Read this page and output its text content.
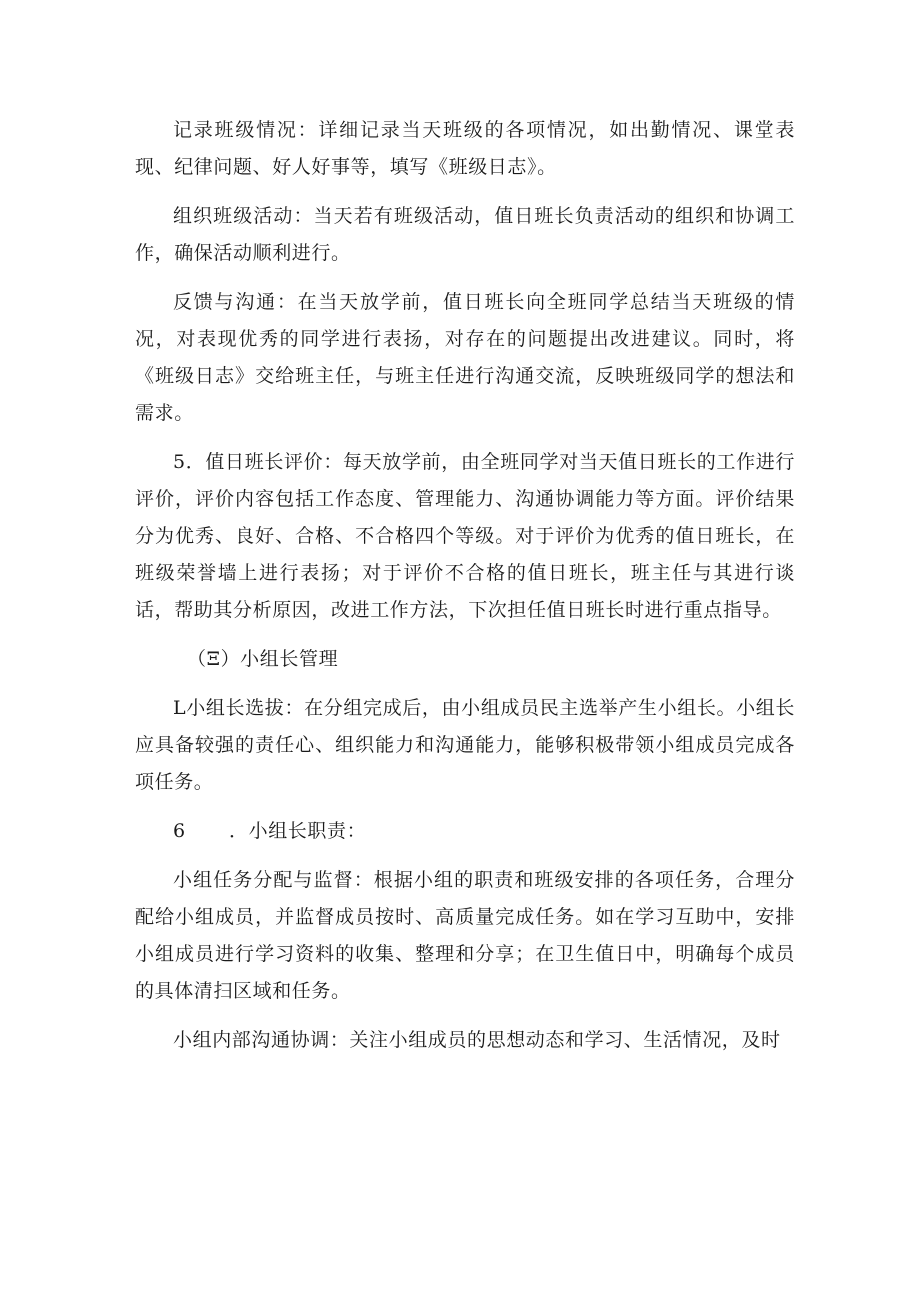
记录班级情况：详细记录当天班级的各项情况，如出勤情况、课堂表现、纪律问题、好人好事等，填写《班级日志》。

组织班级活动：当天若有班级活动，值日班长负责活动的组织和协调工作，确保活动顺利进行。

反馈与沟通：在当天放学前，值日班长向全班同学总结当天班级的情况，对表现优秀的同学进行表扬，对存在的问题提出改进建议。同时，将《班级日志》交给班主任，与班主任进行沟通交流，反映班级同学的想法和需求。

5．值日班长评价：每天放学前，由全班同学对当天值日班长的工作进行评价，评价内容包括工作态度、管理能力、沟通协调能力等方面。评价结果分为优秀、良好、合格、不合格四个等级。对于评价为优秀的值日班长，在班级荣誉墙上进行表扬；对于评价不合格的值日班长，班主任与其进行谈话，帮助其分析原因，改进工作方法，下次担任值日班长时进行重点指导。

（Ξ）小组长管理

L小组长选拔：在分组完成后，由小组成员民主选举产生小组长。小组长应具备较强的责任心、组织能力和沟通能力，能够积极带领小组成员完成各项任务。

6 ．小组长职责：

小组任务分配与监督：根据小组的职责和班级安排的各项任务，合理分配给小组成员，并监督成员按时、高质量完成任务。如在学习互助中，安排小组成员进行学习资料的收集、整理和分享；在卫生值日中，明确每个成员的具体清扫区域和任务。

小组内部沟通协调：关注小组成员的思想动态和学习、生活情况，及时
